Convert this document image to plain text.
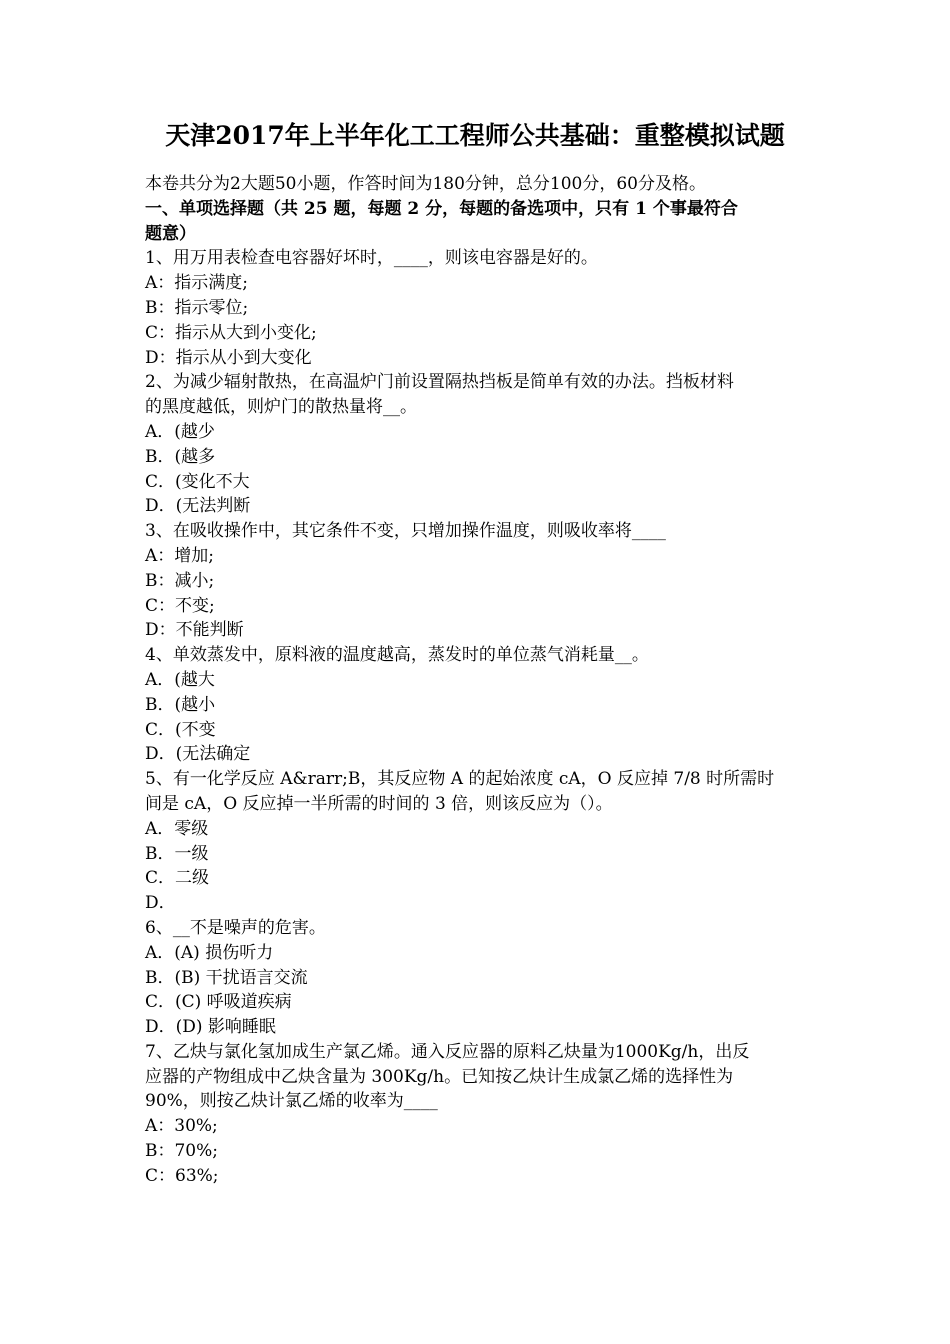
天津2017年上半年化工工程师公共基础：重整模拟试题
本卷共分为2大题50小题，作答时间为180分钟，总分100分，60分及格。
一、单项选择题（共 25 题，每题 2 分，每题的备选项中，只有 1 个事最符合
题意）
1、用万用表检查电容器好坏时，____，则该电容器是好的。
A：指示满度;
B：指示零位;
C：指示从大到小变化;
D：指示从小到大变化
2、为减少辐射散热，在高温炉门前设置隔热挡板是简单有效的办法。挡板材料
的黑度越低，则炉门的散热量将__。
A．(越少
B．(越多
C．(变化不大
D．(无法判断
3、在吸收操作中，其它条件不变，只增加操作温度，则吸收率将____
A：增加;
B：减小;
C：不变;
D：不能判断
4、单效蒸发中，原料液的温度越高，蒸发时的单位蒸气消耗量__。
A．(越大
B．(越小
C．(不变
D．(无法确定
5、有一化学反应 A&rarr;B，其反应物 A 的起始浓度 cA，O 反应掉 7/8 时所需时
间是 cA，O 反应掉一半所需的时间的 3 倍，则该反应为（）。
A．零级
B．一级
C．二级
D．
6、__不是噪声的危害。
A．(A) 损伤听力
B．(B) 干扰语言交流
C．(C) 呼吸道疾病
D．(D) 影响睡眠
7、乙炔与氯化氢加成生产氯乙烯。通入反应器的原料乙炔量为1000Kg/h，出反
应器的产物组成中乙炔含量为 300Kg/h。已知按乙炔计生成氯乙烯的选择性为
90%，则按乙炔计氯乙烯的收率为____
A：30%;
B：70%;
C：63%;
